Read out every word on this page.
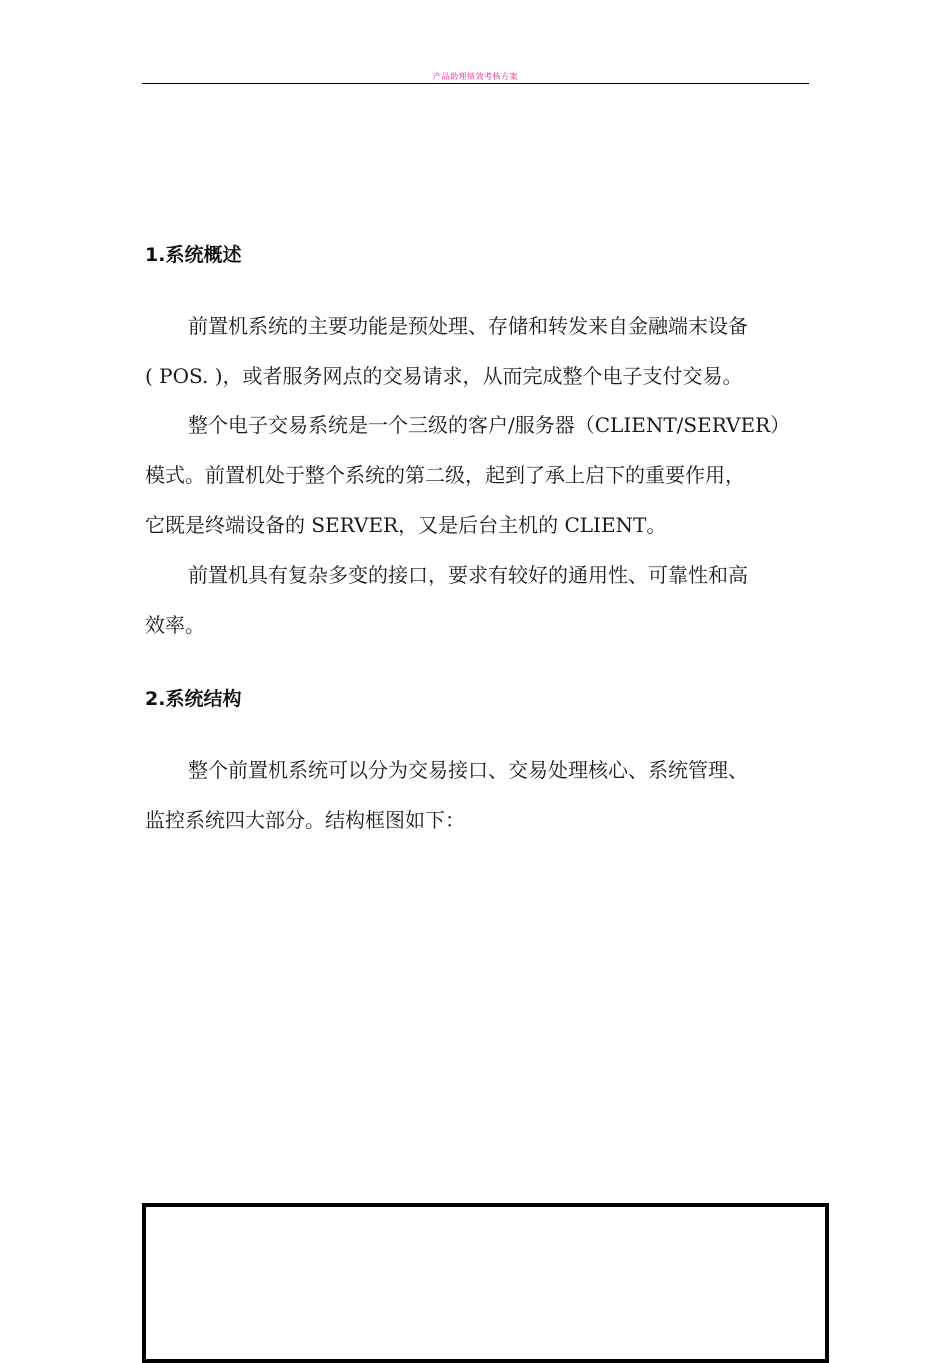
产品助理绩效考核方案
1.系统概述
前置机系统的主要功能是预处理、存储和转发来自金融端末设备
( POS. )，或者服务网点的交易请求，从而完成整个电子支付交易。
整个电子交易系统是一个三级的客户/服务器（CLIENT/SERVER）
模式。前置机处于整个系统的第二级，起到了承上启下的重要作用，
它既是终端设备的 SERVER，又是后台主机的 CLIENT。
前置机具有复杂多变的接口，要求有较好的通用性、可靠性和高
效率。
2.系统结构
整个前置机系统可以分为交易接口、交易处理核心、系统管理、
监控系统四大部分。结构框图如下：
